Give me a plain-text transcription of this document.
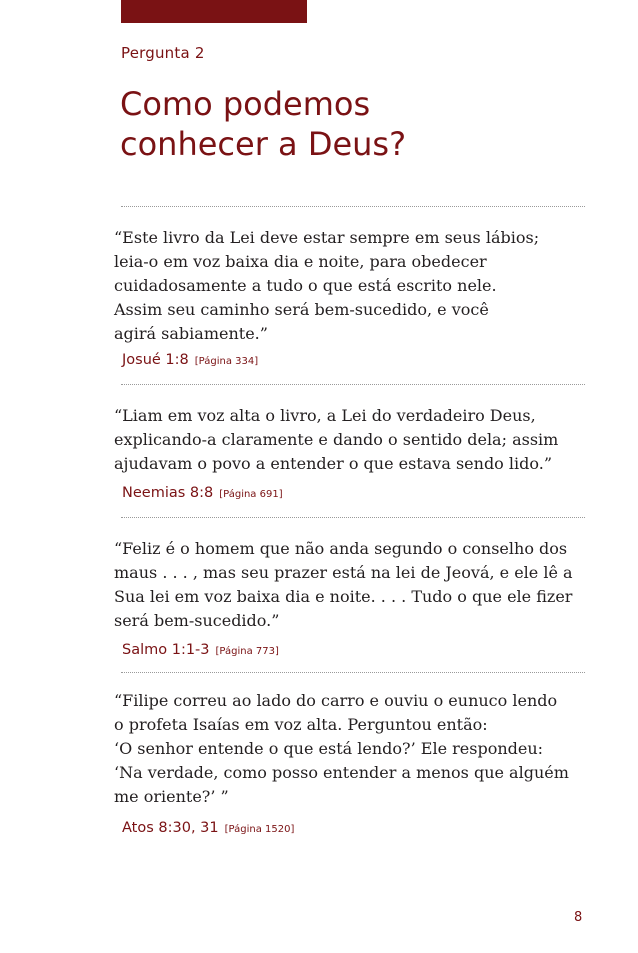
Pergunta 2
Como podemos
conhecer a Deus?

“Este livro da Lei deve estar sempre em seus lábios;
leia-o em voz baixa dia e noite, para obedecer
cuidadosamente a tudo o que está escrito nele.
Assim seu caminho será bem-sucedido, e você
agirá sabiamente.”

Josué 1:8 [Página 334]

“Liam em voz alta o livro, a Lei do verdadeiro Deus,
explicando-a claramente e dando o sentido dela; assim
ajudavam o povo a entender o que estava sendo lido.”

Neemias 8:8 [Página 691]

“Feliz é o homem que não anda segundo o conselho dos
maus . . . , mas seu prazer está na lei de Jeová, e ele lê a
Sua lei em voz baixa dia e noite. . . . Tudo o que ele fizer
será bem-sucedido.”

Salmo 1:1-3 [Página 773]

“Filipe correu ao lado do carro e ouviu o eunuco lendo
o profeta Isaías em voz alta. Perguntou então:
‘O senhor entende o que está lendo?’ Ele respondeu:
‘Na verdade, como posso entender a menos que alguém
me oriente?’ ”

Atos 8:30, 31 [Página 1520]
8
